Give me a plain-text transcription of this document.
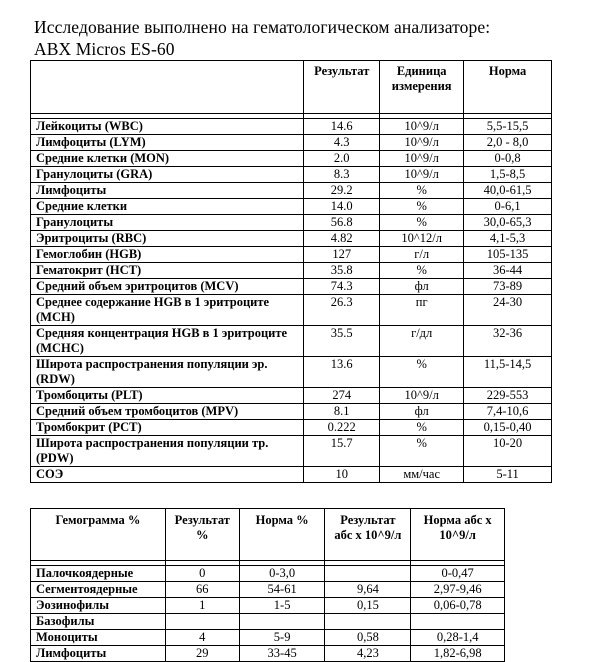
Исследование выполнено на гематологическом анализаторе:
ABX Micros ES-60
	Результат	Единица измерения	Норма

Лейкоциты (WBC)	14.6	10^9/л	5,5-15,5
Лимфоциты (LYM)	4.3	10^9/л	2,0 - 8,0
Средние клетки (MON)	2.0	10^9/л	0-0,8
Гранулоциты (GRA)	8.3	10^9/л	1,5-8,5
Лимфоциты	29.2	%	40,0-61,5
Средние клетки	14.0	%	0-6,1
Гранулоциты	56.8	%	30,0-65,3
Эритроциты (RBC)	4.82	10^12/л	4,1-5,3
Гемоглобин (HGB)	127	г/л	105-135
Гематокрит (HCT)	35.8	%	36-44
Средний объем эритроцитов (MCV)	74.3	фл	73-89
Среднее содержание HGB в 1 эритроците (MCH)	26.3	пг	24-30
Средняя концентрация HGB в 1 эритроците (MCHC)	35.5	г/дл	32-36
Широта распространения популяции эр. (RDW)	13.6	%	11,5-14,5
Тромбоциты (PLT)	274	10^9/л	229-553
Средний объем тромбоцитов (MPV)	8.1	фл	7,4-10,6
Тромбокрит (PCT)	0.222	%	0,15-0,40
Широта распространения популяции тр. (PDW)	15.7	%	10-20
СОЭ	10	мм/час	5-11
Гемограмма %	Результат %	Норма %	Результат абс х 10^9/л	Норма абс х 10^9/л

Палочкоядерные	0	0-3,0		0-0,47
Сегментоядерные	66	54-61	9,64	2,97-9,46
Эозинофилы	1	1-5	0,15	0,06-0,78
Базофилы				
Моноциты	4	5-9	0,58	0,28-1,4
Лимфоциты	29	33-45	4,23	1,82-6,98
